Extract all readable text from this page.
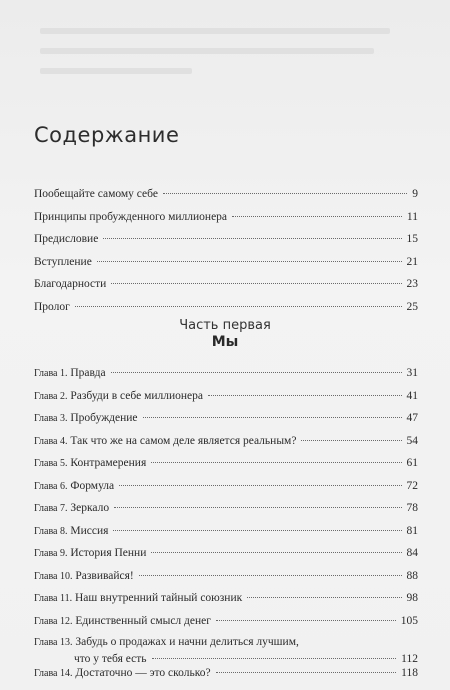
Содержание
Пообещайте самому себе	9
Принципы пробужденного миллионера	11
Предисловие	15
Вступление	21
Благодарности	23
Пролог	25
Часть первая
Мы
Глава 1. Правда	31
Глава 2. Разбуди в себе миллионера	41
Глава 3. Пробуждение	47
Глава 4. Так что же на самом деле является реальным?	54
Глава 5. Контрамерения	61
Глава 6. Формула	72
Глава 7. Зеркало	78
Глава 8. Миссия	81
Глава 9. История Пенни	84
Глава 10. Развивайся!	88
Глава 11. Наш внутренний тайный союзник	98
Глава 12. Единственный смысл денег	105
Глава 13. Забудь о продажах и начни делиться лучшим,
что у тебя есть	112
Глава 14. Достаточно — это сколько?	118
